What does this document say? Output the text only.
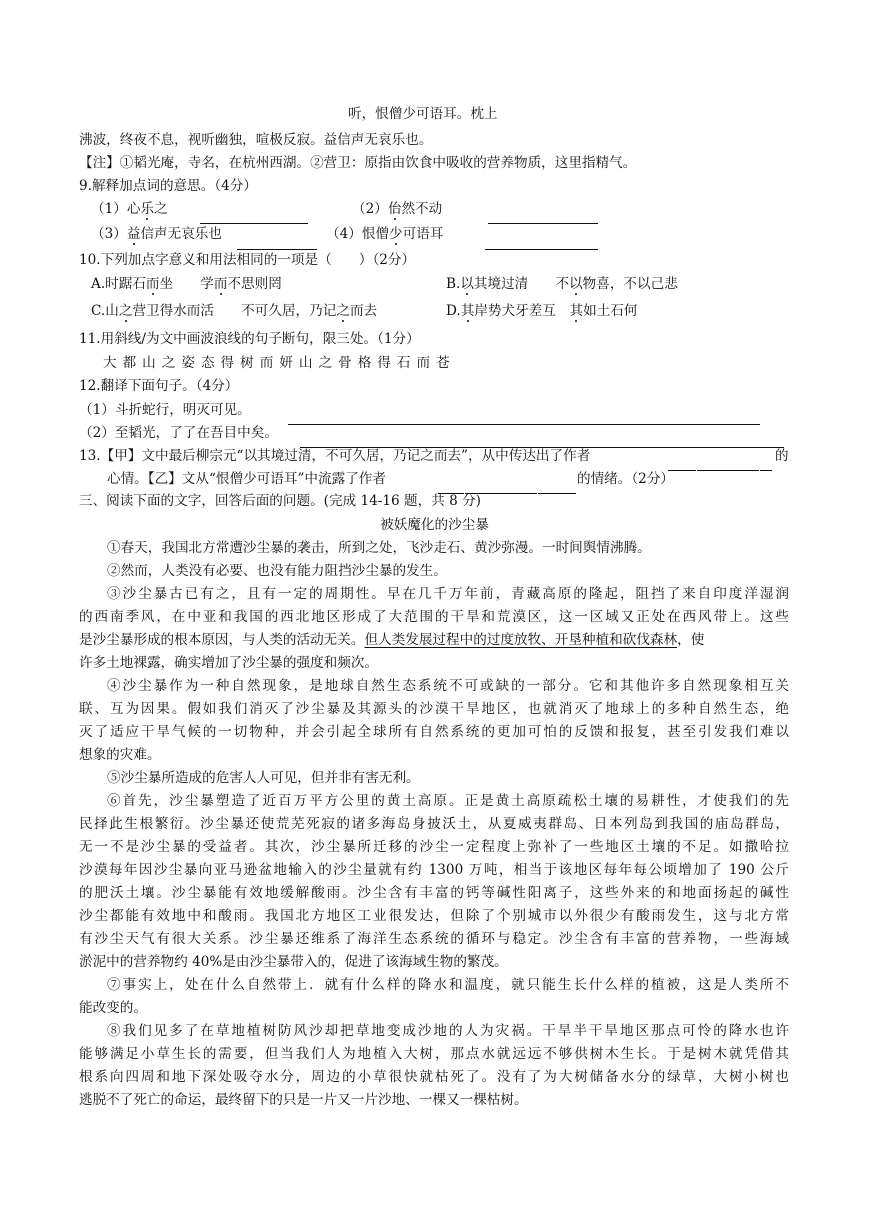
听，恨僧少可语耳。枕上
沸波，终夜不息，视听幽独，喧极反寂。益信声无哀乐也。
【注】①韬光庵，寺名，在杭州西湖。②营卫：原指由饮食中吸收的营养物质，这里指精气。
9.解释加点词的意思。（4分）
（1）心乐之	（2）佁然不动
（3）益信声无哀乐也	（4）恨僧少可语耳
10.下列加点字意义和用法相同的一项是（　　）（2分）
A.时踞石而坐　　学而不思则罔	B.以其境过清　　不以物喜，不以己悲
C.山之营卫得水而活　　不可久居，乃记之而去	D.其岸势犬牙差互　其如土石何
11.用斜线/为文中画波浪线的句子断句，限三处。（1分）
大都山之姿态得树而妍山之骨格得石而苍
12.翻译下面句子。（4分）
（1）斗折蛇行，明灭可见。
（2）至韬光，了了在吾目中矣。
13.【甲】文中最后柳宗元“以其境过清，不可久居，乃记之而去”，从中传达出了作者	的
心情。【乙】文从“恨僧少可语耳”中流露了作者	的情绪。（2分）
三、阅读下面的文字，回答后面的问题。(完成 14-16 题，共 8 分)
被妖魔化的沙尘暴
①春天，我国北方常遭沙尘暴的袭击，所到之处，飞沙走石、黄沙弥漫。一时间舆情沸腾。
②然而，人类没有必要、也没有能力阻挡沙尘暴的发生。
③沙尘暴古已有之，且有一定的周期性。早在几千万年前，青藏高原的隆起，阻挡了来自印度洋湿润
的西南季风，在中亚和我国的西北地区形成了大范围的干旱和荒漠区，这一区域又正处在西风带上。这些
是沙尘暴形成的根本原因，与人类的活动无关。但人类发展过程中的过度放牧、开垦种植和砍伐森林，使
许多土地裸露，确实增加了沙尘暴的强度和频次。
④沙尘暴作为一种自然现象，是地球自然生态系统不可或缺的一部分。它和其他许多自然现象相互关
联、互为因果。假如我们消灭了沙尘暴及其源头的沙漠干旱地区，也就消灭了地球上的多种自然生态，绝
灭了适应干旱气候的一切物种，并会引起全球所有自然系统的更加可怕的反馈和报复，甚至引发我们难以
想象的灾难。
⑤沙尘暴所造成的危害人人可见，但并非有害无利。
⑥首先，沙尘暴塑造了近百万平方公里的黄土高原。正是黄土高原疏松土壤的易耕性，才使我们的先
民择此生根繁衍。沙尘暴还使荒芜死寂的诸多海岛身披沃土，从夏威夷群岛、日本列岛到我国的庙岛群岛，
无一不是沙尘暴的受益者。其次，沙尘暴所迁移的沙尘一定程度上弥补了一些地区土壤的不足。如撒哈拉
沙漠每年因沙尘暴向亚马逊盆地输入的沙尘量就有约 1300 万吨，相当于该地区每年每公顷增加了 190 公斤
的肥沃土壤。沙尘暴能有效地缓解酸雨。沙尘含有丰富的钙等碱性阳离子，这些外来的和地面扬起的碱性
沙尘都能有效地中和酸雨。我国北方地区工业很发达，但除了个别城市以外很少有酸雨发生，这与北方常
有沙尘天气有很大关系。沙尘暴还维系了海洋生态系统的循环与稳定。沙尘含有丰富的营养物，一些海域
淤泥中的营养物约 40%是由沙尘暴带入的，促进了该海域生物的繁茂。
⑦事实上，处在什么自然带上．就有什么样的降水和温度，就只能生长什么样的植被，这是人类所不
能改变的。
⑧我们见多了在草地植树防风沙却把草地变成沙地的人为灾祸。干旱半干旱地区那点可怜的降水也许
能够满足小草生长的需要，但当我们人为地植入大树，那点水就远远不够供树木生长。于是树木就凭借其
根系向四周和地下深处吸夺水分，周边的小草很快就枯死了。没有了为大树储备水分的绿草，大树小树也
逃脱不了死亡的命运，最终留下的只是一片又一片沙地、一棵又一棵枯树。
